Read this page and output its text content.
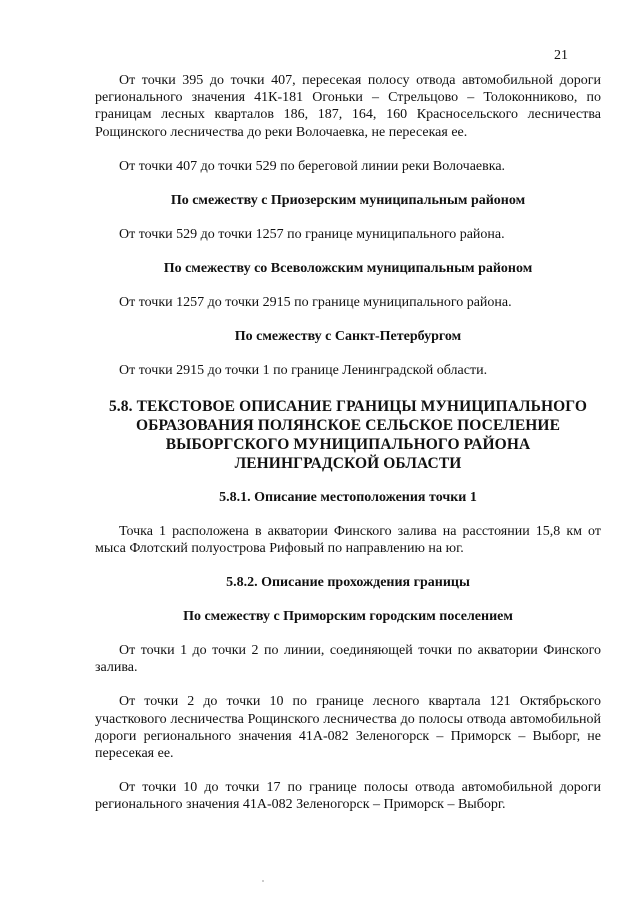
21

От точки 395 до точки 407, пересекая полосу отвода автомобильной дороги регионального значения 41К-181 Огоньки – Стрельцово – Толоконниково, по границам лесных кварталов 186, 187, 164, 160 Красносельского лесничества Рощинского лесничества до реки Волочаевка, не пересекая ее.

От точки 407 до точки 529 по береговой линии реки Волочаевка.

По смежеству с Приозерским муниципальным районом

От точки 529 до точки 1257 по границе муниципального района.

По смежеству со Всеволожским муниципальным районом

От точки 1257 до точки 2915 по границе муниципального района.

По смежеству с Санкт-Петербургом

От точки 2915 до точки 1 по границе Ленинградской области.

5.8. ТЕКСТОВОЕ ОПИСАНИЕ ГРАНИЦЫ МУНИЦИПАЛЬНОГО
ОБРАЗОВАНИЯ ПОЛЯНСКОЕ СЕЛЬСКОЕ ПОСЕЛЕНИЕ
ВЫБОРГСКОГО МУНИЦИПАЛЬНОГО РАЙОНА
ЛЕНИНГРАДСКОЙ ОБЛАСТИ
5.8.1. Описание местоположения точки 1

Точка 1 расположена в акватории Финского залива на расстоянии 15,8 км от мыса Флотский полуострова Рифовый по направлению на юг.

5.8.2. Описание прохождения границы
По смежеству с Приморским городским поселением

От точки 1 до точки 2 по линии, соединяющей точки по акватории Финского залива.

От точки 2 до точки 10 по границе лесного квартала 121 Октябрьского участкового лесничества Рощинского лесничества до полосы отвода автомобильной дороги регионального значения 41А-082 Зеленогорск – Приморск – Выборг, не пересекая ее.

От точки 10 до точки 17 по границе полосы отвода автомобильной дороги регионального значения 41А-082 Зеленогорск – Приморск – Выборг.
